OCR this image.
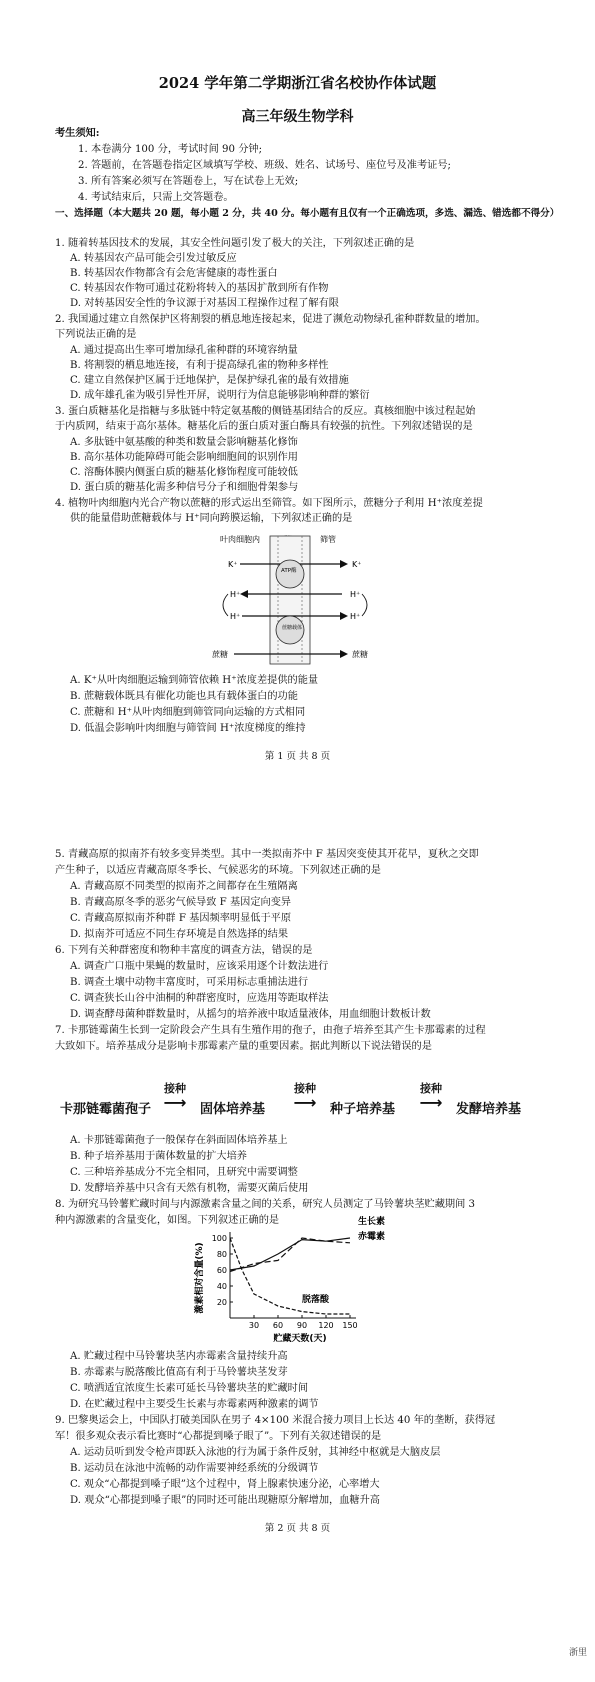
2024 学年第二学期浙江省名校协作体试题
高三年级生物学科
考生须知:
1. 本卷满分 100 分，考试时间 90 分钟;
2. 答题前，在答题卷指定区域填写学校、班级、姓名、试场号、座位号及准考证号;
3. 所有答案必须写在答题卷上，写在试卷上无效;
4. 考试结束后，只需上交答题卷。
一、选择题（本大题共 20 题，每小题 2 分，共 40 分。每小题有且仅有一个正确选项，多选、漏选、错选都不得分）
1. 随着转基因技术的发展，其安全性问题引发了极大的关注，下列叙述正确的是
A. 转基因农产品可能会引发过敏反应
B. 转基因农作物都含有会危害健康的毒性蛋白
C. 转基因农作物可通过花粉将转入的基因扩散到所有作物
D. 对转基因安全性的争议源于对基因工程操作过程了解有限
2. 我国通过建立自然保护区将割裂的栖息地连接起来，促进了濒危动物绿孔雀种群数量的增加。
下列说法正确的是
A. 通过提高出生率可增加绿孔雀种群的环境容纳量
B. 将割裂的栖息地连接，有利于提高绿孔雀的物种多样性
C. 建立自然保护区属于迁地保护，是保护绿孔雀的最有效措施
D. 成年雄孔雀为吸引异性开屏，说明行为信息能够影响种群的繁衍
3. 蛋白质糖基化是指糖与多肽链中特定氨基酸的侧链基团结合的反应。真核细胞中该过程起始
于内质网，结束于高尔基体。糖基化后的蛋白质对蛋白酶具有较强的抗性。下列叙述错误的是
A. 多肽链中氨基酸的种类和数量会影响糖基化修饰
B. 高尔基体功能障碍可能会影响细胞间的识别作用
C. 溶酶体膜内侧蛋白质的糖基化修饰程度可能较低
D. 蛋白质的糖基化需多种信号分子和细胞骨架参与
4. 植物叶肉细胞内光合产物以蔗糖的形式运出至筛管。如下图所示，蔗糖分子利用 H⁺浓度差提
供的能量借助蔗糖载体与 H⁺同向跨膜运输，下列叙述正确的是
叶肉细胞内	筛管
K⁺	K⁺
ATP酶
H⁺	H⁺
H⁺	H⁺
蔗糖载体
蔗糖	蔗糖
A. K⁺从叶肉细胞运输到筛管依赖 H⁺浓度差提供的能量
B. 蔗糖载体既具有催化功能也具有载体蛋白的功能
C. 蔗糖和 H⁺从叶肉细胞到筛管同向运输的方式相同
D. 低温会影响叶肉细胞与筛管间 H⁺浓度梯度的维持
第 1 页 共 8 页
5. 青藏高原的拟南芥有较多变异类型。其中一类拟南芥中 F 基因突变使其开花早，夏秋之交即
产生种子，以适应青藏高原冬季长、气候恶劣的环境。下列叙述正确的是
A. 青藏高原不同类型的拟南芥之间都存在生殖隔离
B. 青藏高原冬季的恶劣气候导致 F 基因定向变异
C. 青藏高原拟南芥种群 F 基因频率明显低于平原
D. 拟南芥可适应不同生存环境是自然选择的结果
6. 下列有关种群密度和物种丰富度的调查方法，错误的是
A. 调查广口瓶中果蝇的数量时，应该采用逐个计数法进行
B. 调查土壤中动物丰富度时，可采用标志重捕法进行
C. 调查狭长山谷中油桐的种群密度时，应选用等距取样法
D. 调查酵母菌种群数量时，从摇匀的培养液中取适量液体，用血细胞计数板计数
7. 卡那链霉菌生长到一定阶段会产生具有生殖作用的孢子，由孢子培养至其产生卡那霉素的过程
大致如下。培养基成分是影响卡那霉素产量的重要因素。据此判断以下说法错误的是
卡那链霉菌孢子
接种
⟶	固体培养基
接种
⟶	种子培养基
接种
⟶	发酵培养基
A. 卡那链霉菌孢子一般保存在斜面固体培养基上
B. 种子培养基用于菌体数量的扩大培养
C. 三种培养基成分不完全相同，且研究中需要调整
D. 发酵培养基中只含有天然有机物，需要灭菌后使用
8. 为研究马铃薯贮藏时间与内源激素含量之间的关系，研究人员测定了马铃薯块茎贮藏期间 3
种内源激素的含量变化，如图。下列叙述正确的是
30 60 90 120 150
20
40
60
80
100
贮藏天数(天)
激素相对含量(%)
生长素
赤霉素
脱落酸
A. 贮藏过程中马铃薯块茎内赤霉素含量持续升高
B. 赤霉素与脱落酸比值高有利于马铃薯块茎发芽
C. 喷洒适宜浓度生长素可延长马铃薯块茎的贮藏时间
D. 在贮藏过程中主要受生长素与赤霉素两种激素的调节
9. 巴黎奥运会上，中国队打破美国队在男子 4×100 米混合接力项目上长达 40 年的垄断，获得冠
军！很多观众表示看比赛时“心都提到嗓子眼了”。下列有关叙述错误的是
A. 运动员听到发令枪声即跃入泳池的行为属于条件反射，其神经中枢就是大脑皮层
B. 运动员在泳池中流畅的动作需要神经系统的分级调节
C. 观众“心都提到嗓子眼”这个过程中，肾上腺素快速分泌，心率增大
D. 观众“心都提到嗓子眼”的同时还可能出现糖原分解增加，血糖升高
第 2 页 共 8 页
浙里
